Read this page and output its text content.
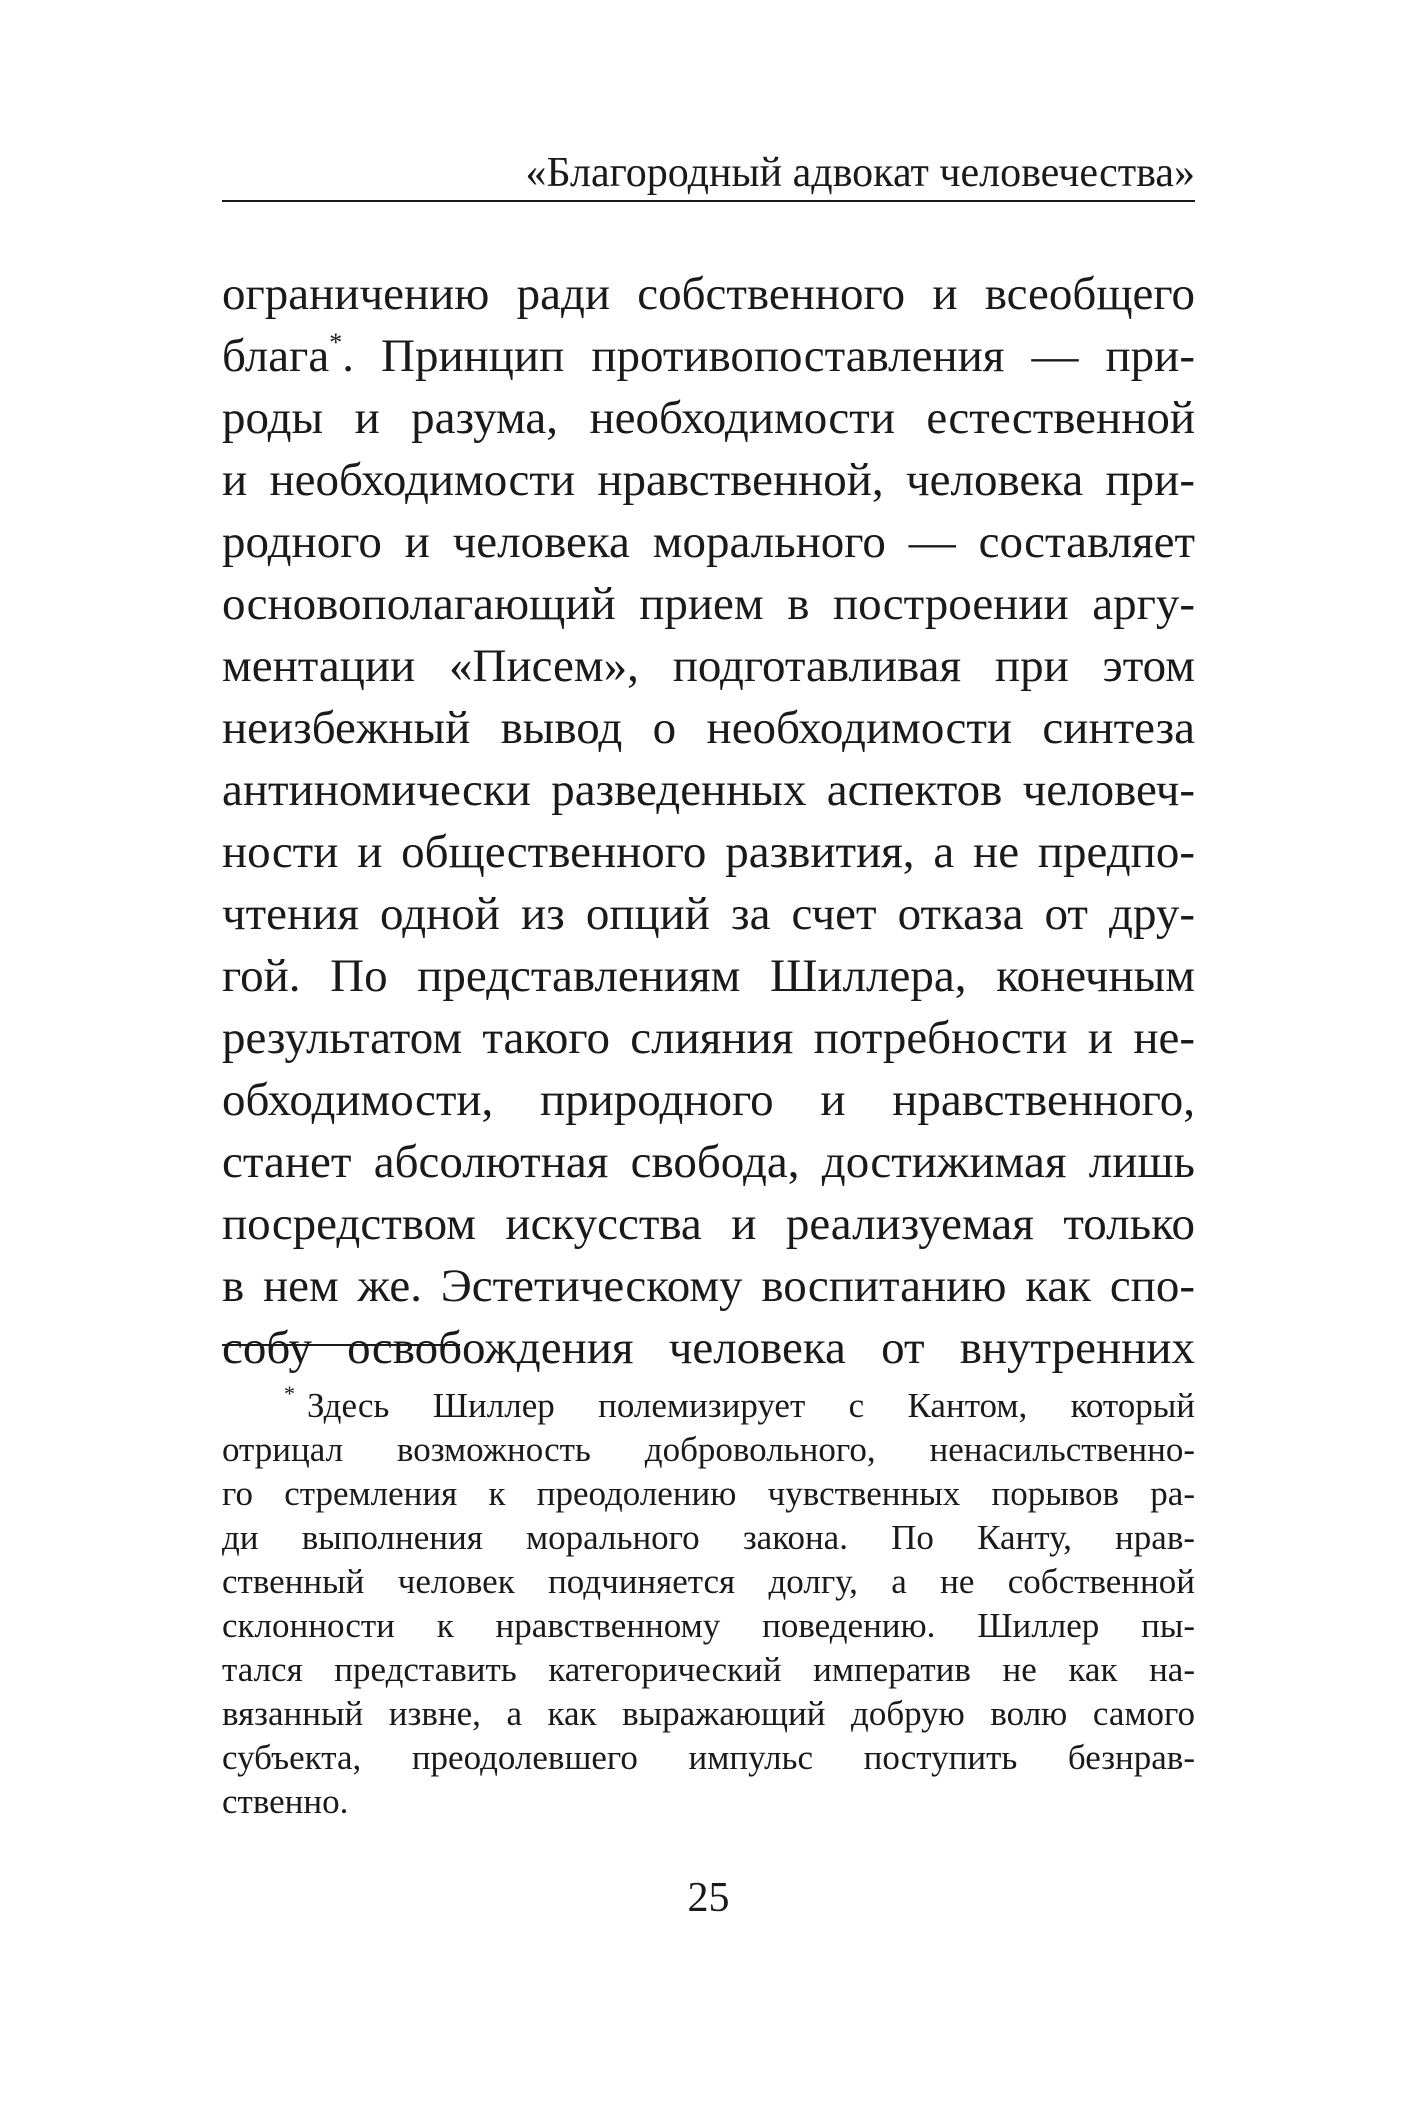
«Благородный адвокат человечества»
ограничению ради собственного и всеобщего
блага*. Принцип противопоставления — при-
роды и разума, необходимости естественной
и необходимости нравственной, человека при-
родного и человека морального — составляет
основополагающий прием в построении аргу-
ментации «Писем», подготавливая при этом
неизбежный вывод о необходимости синтеза
антиномически разведенных аспектов человеч-
ности и общественного развития, а не предпо-
чтения одной из опций за счет отказа от дру-
гой. По представлениям Шиллера, конечным
результатом такого слияния потребности и не-
обходимости, природного и нравственного,
станет абсолютная свобода, достижимая лишь
посредством искусства и реализуемая только
в нем же. Эстетическому воспитанию как спо-
собу освобождения человека от внутренних
* Здесь Шиллер полемизирует с Кантом, который
отрицал возможность добровольного, ненасильственно-
го стремления к преодолению чувственных порывов ра-
ди выполнения морального закона. По Канту, нрав-
ственный человек подчиняется долгу, а не собственной
склонности к нравственному поведению. Шиллер пы-
тался представить категорический императив не как на-
вязанный извне, а как выражающий добрую волю самого
субъекта, преодолевшего импульс поступить безнрав-
ственно.
25
